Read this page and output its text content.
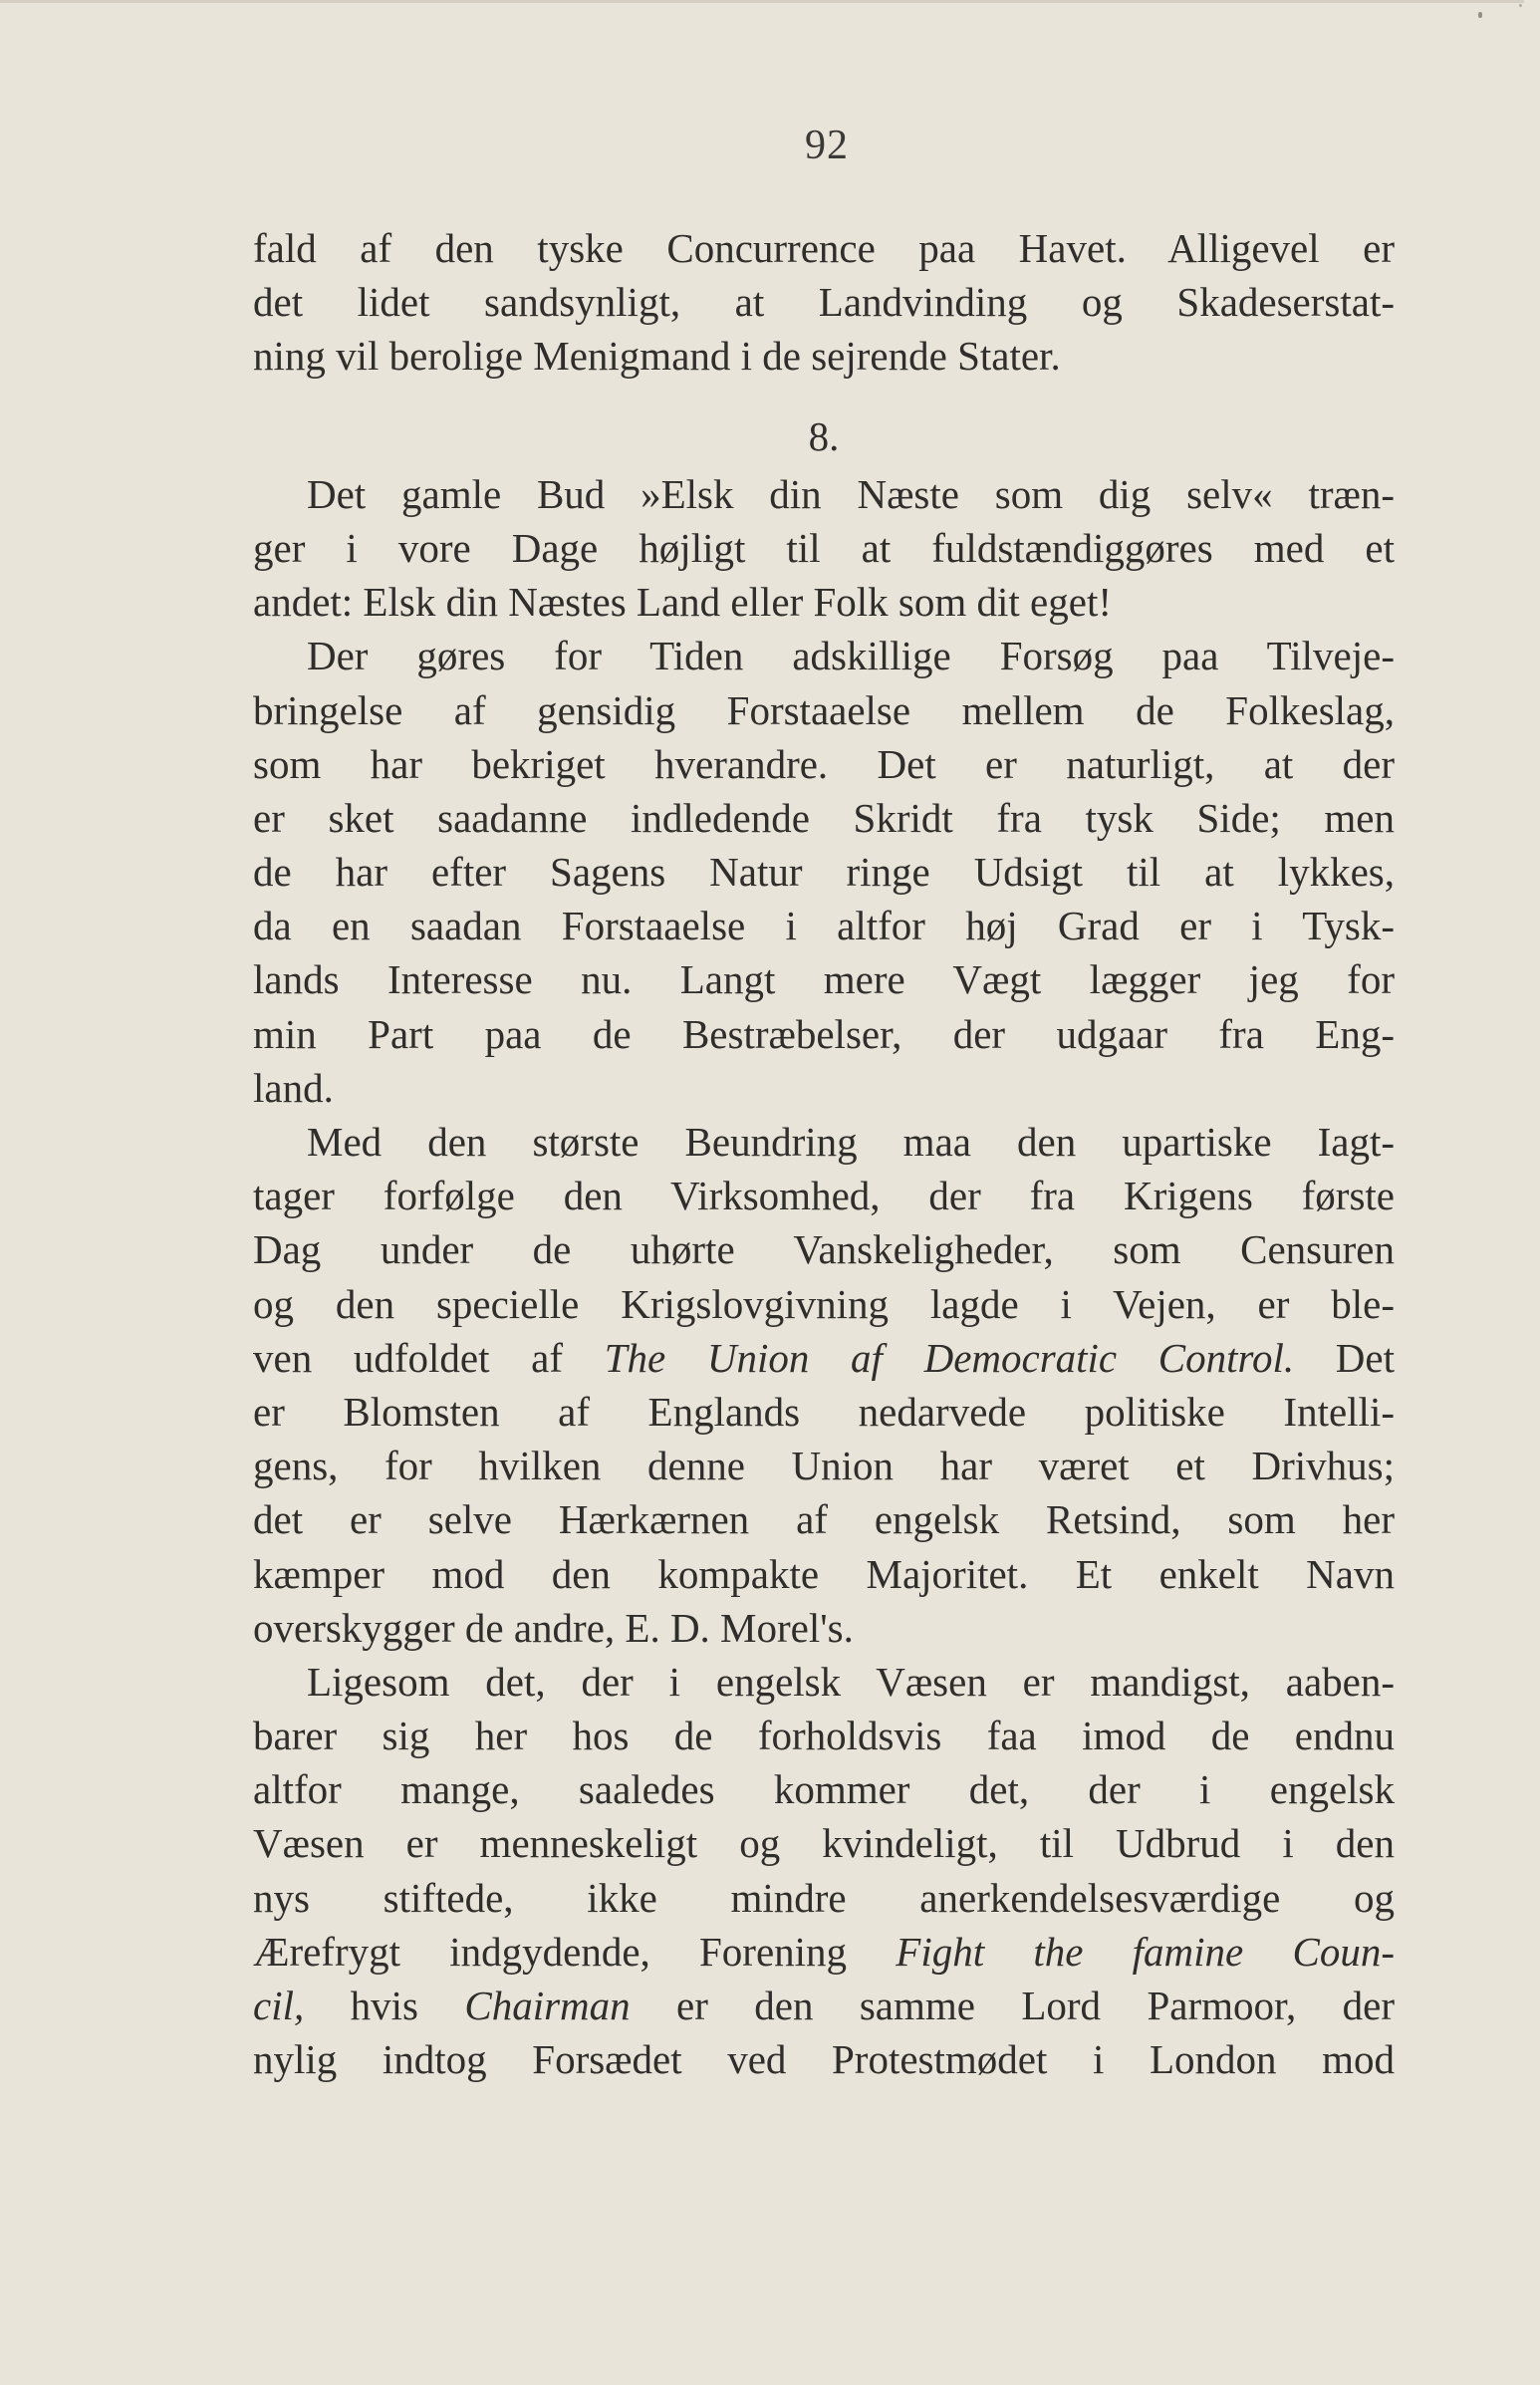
92
fald af den tyske Concurrence paa Havet. Alligevel er
det lidet sandsynligt, at Landvinding og Skadeserstat-
ning vil berolige Menigmand i de sejrende Stater.
8.
Det gamle Bud »Elsk din Næste som dig selv« træn-
ger i vore Dage højligt til at fuldstændiggøres med et
andet: Elsk din Næstes Land eller Folk som dit eget!
Der gøres for Tiden adskillige Forsøg paa Tilveje-
bringelse af gensidig Forstaaelse mellem de Folkeslag,
som har bekriget hverandre. Det er naturligt, at der
er sket saadanne indledende Skridt fra tysk Side; men
de har efter Sagens Natur ringe Udsigt til at lykkes,
da en saadan Forstaaelse i altfor høj Grad er i Tysk-
lands Interesse nu. Langt mere Vægt lægger jeg for
min Part paa de Bestræbelser, der udgaar fra Eng-
land.
Med den største Beundring maa den upartiske Iagt-
tager forfølge den Virksomhed, der fra Krigens første
Dag under de uhørte Vanskeligheder, som Censuren
og den specielle Krigslovgivning lagde i Vejen, er ble-
ven udfoldet af The Union af Democratic Control. Det
er Blomsten af Englands nedarvede politiske Intelli-
gens, for hvilken denne Union har været et Drivhus;
det er selve Hærkærnen af engelsk Retsind, som her
kæmper mod den kompakte Majoritet. Et enkelt Navn
overskygger de andre, E. D. Morel's.
Ligesom det, der i engelsk Væsen er mandigst, aaben-
barer sig her hos de forholdsvis faa imod de endnu
altfor mange, saaledes kommer det, der i engelsk
Væsen er menneskeligt og kvindeligt, til Udbrud i den
nys stiftede, ikke mindre anerkendelsesværdige og
Ærefrygt indgydende, Forening Fight the famine Coun-
cil, hvis Chairman er den samme Lord Parmoor, der
nylig indtog Forsædet ved Protestmødet i London mod
